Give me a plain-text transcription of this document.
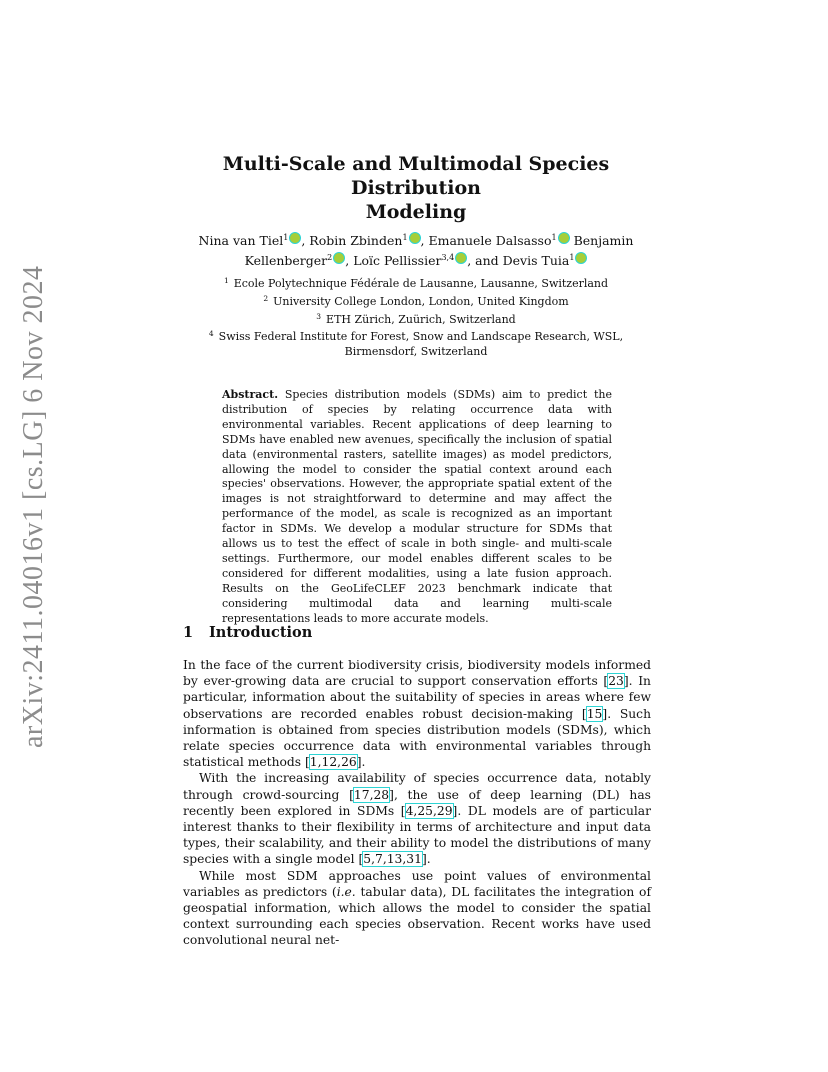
arXiv:2411.04016v1 [cs.LG] 6 Nov 2024
Multi-Scale and Multimodal Species Distribution
Modeling
Nina van Tiel$^1$ , Robin Zbinden$^1$ , Emanuele Dalsasso$^1$ Benjamin Kellenberger$^2$ , Loïc Pellissier$^{3,4}$ , and Devis Tuia$^1$
$^1$ Ecole Polytechnique Fédérale de Lausanne, Lausanne, Switzerland
$^2$ University College London, London, United Kingdom
$^3$ ETH Zürich, Zuürich, Switzerland
$^4$ Swiss Federal Institute for Forest, Snow and Landscape Research, WSL,
Birmensdorf, Switzerland
Abstract. Species distribution models (SDMs) aim to predict the distribution of species by relating occurrence data with environmental variables. Recent applications of deep learning to SDMs have enabled new avenues, specifically the inclusion of spatial data (environmental rasters, satellite images) as model predictors, allowing the model to consider the spatial context around each species' observations. However, the appropriate spatial extent of the images is not straightforward to determine and may affect the performance of the model, as scale is recognized as an important factor in SDMs. We develop a modular structure for SDMs that allows us to test the effect of scale in both single- and multi-scale settings. Furthermore, our model enables different scales to be considered for different modalities, using a late fusion approach. Results on the GeoLifeCLEF 2023 benchmark indicate that considering multimodal data and learning multi-scale representations leads to more accurate models.
1 Introduction

In the face of the current biodiversity crisis, biodiversity models informed by ever-growing data are crucial to support conservation efforts [23]. In particular, information about the suitability of species in areas where few observations are recorded enables robust decision-making [15]. Such information is obtained from species distribution models (SDMs), which relate species occurrence data with environmental variables through statistical methods [1,12,26].

With the increasing availability of species occurrence data, notably through crowd-sourcing [17,28], the use of deep learning (DL) has recently been explored in SDMs [4,25,29]. DL models are of particular interest thanks to their flexibility in terms of architecture and input data types, their scalability, and their ability to model the distributions of many species with a single model [5,7,13,31].

While most SDM approaches use point values of environmental variables as predictors (i.e. tabular data), DL facilitates the integration of geospatial information, which allows the model to consider the spatial context surrounding each species observation. Recent works have used convolutional neural net-
